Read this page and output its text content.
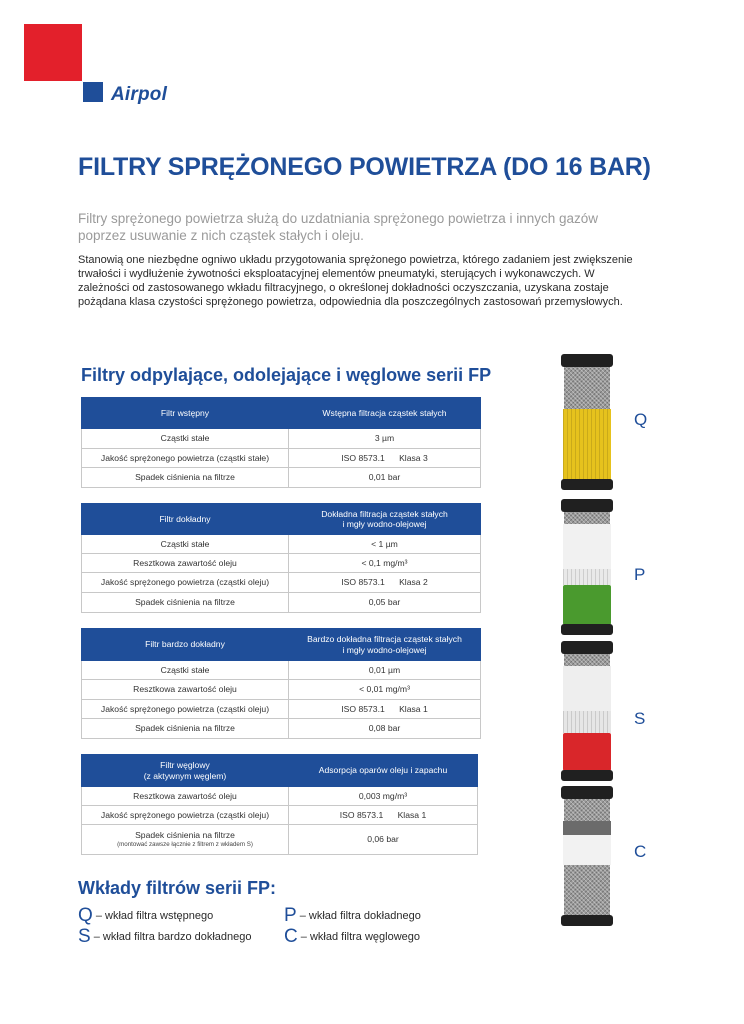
Airpol
FILTRY SPRĘŻONEGO POWIETRZA (DO 16 BAR)

Filtry sprężonego powietrza służą do uzdatniania sprężonego powietrza i innych gazów poprzez usuwanie z nich cząstek stałych i oleju.

Stanowią one niezbędne ogniwo układu przygotowania sprężonego powietrza, którego zadaniem jest zwiększenie trwałości i wydłużenie żywotności eksploatacyjnej elementów pneumatyki, sterujących i wykonawczych. W zależności od zastosowanego wkładu filtracyjnego, o określonej dokładności oczyszczania, uzyskana zostaje pożądana klasa czystości sprężonego powietrza, odpowiednia dla poszczególnych zastosowań przemysłowych.

Filtry odpylające, odolejające i węglowe serii FP
Filtr wstępny	Wstępna filtracja cząstek stałych
Cząstki stałe	3 µm
Jakość sprężonego powietrza (cząstki stałe)	ISO 8573.1      Klasa 3
Spadek ciśnienia na filtrze	0,01 bar
Filtr dokładny	Dokładna filtracja cząstek stałych
i mgły wodno-olejowej

Cząstki stałe	< 1 µm
Resztkowa zawartość oleju	< 0,1 mg/m³
Jakość sprężonego powietrza (cząstki oleju)	ISO 8573.1      Klasa 2
Spadek ciśnienia na filtrze	0,05 bar
Filtr bardzo dokładny	Bardzo dokładna filtracja cząstek stałych
i mgły wodno-olejowej

Cząstki stałe	0,01 µm
Resztkowa zawartość oleju	< 0,01 mg/m³
Jakość sprężonego powietrza (cząstki oleju)	ISO 8573.1      Klasa 1
Spadek ciśnienia na filtrze	0,08 bar
Filtr węglowy
(z aktywnym węglem)	Adsorpcja oparów oleju i zapachu
Resztkowa zawartość oleju	0,003 mg/m³
Jakość sprężonego powietrza (cząstki oleju)	ISO 8573.1      Klasa 1

Spadek ciśnienia na filtrze
(montować zawsze łącznie z filtrem z wkładem S)	0,06 bar
Q
P
S
C
Wkłady filtrów serii FP:
Q – wkład filtra wstępnego	P – wkład filtra dokładnego
S – wkład filtra bardzo dokładnego C – wkład filtra węglowego
